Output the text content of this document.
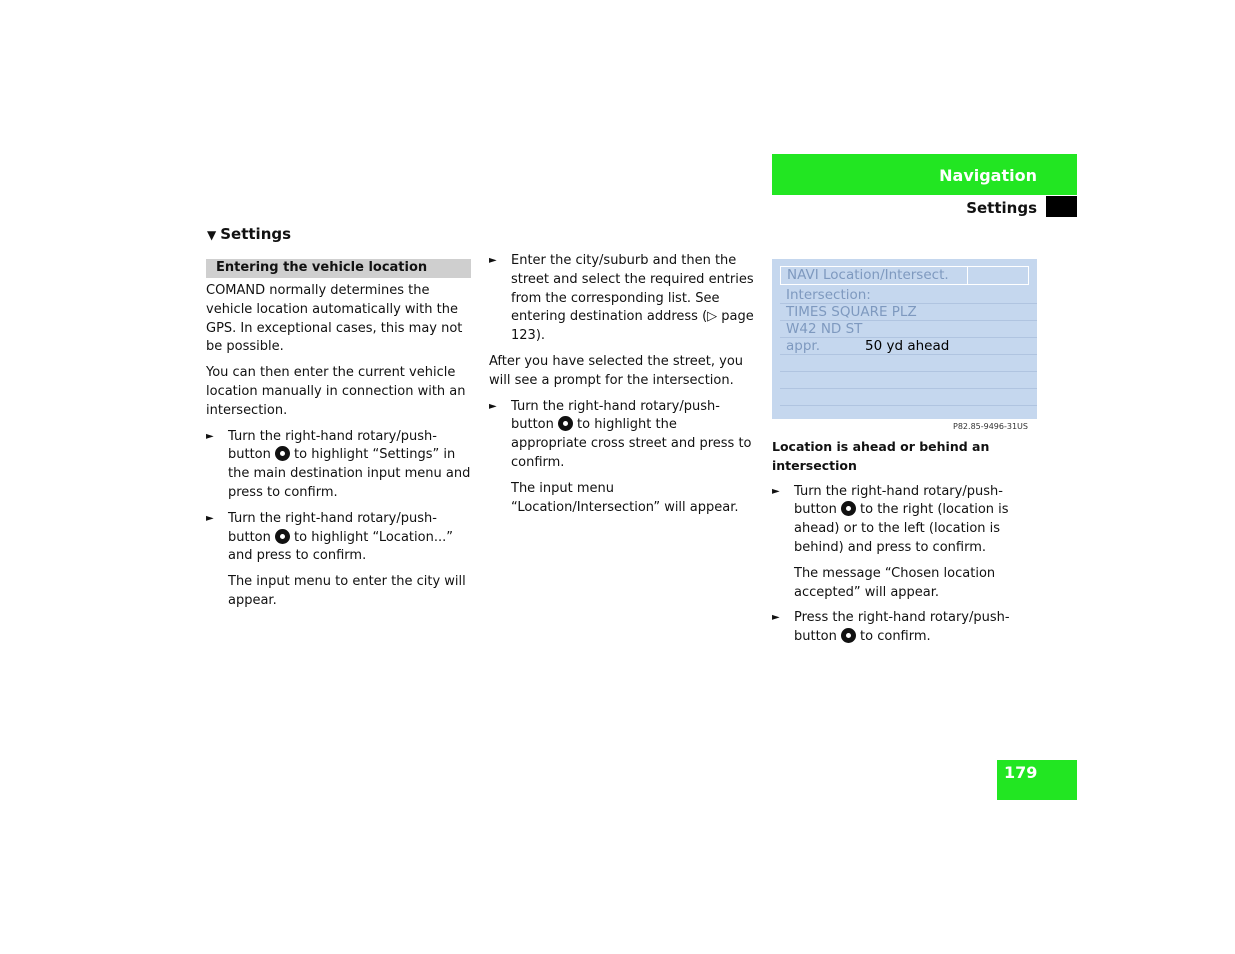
Navigation
Settings
▼ Settings
Entering the vehicle location

COMAND normally determines the vehicle location automatically with the GPS. In exceptional cases, this may not be possible.

You can then enter the current vehicle location manually in connection with an intersection.

► Turn the right-hand rotary/push-button to highlight “Settings” in the main destination input menu and press to confirm.
► Turn the right-hand rotary/push-button to highlight “Location...” and press to confirm.
The input menu to enter the city will appear.
► Enter the city/suburb and then the street and select the required entries from the corresponding list. See entering destination address (▷ page 123).

After you have selected the street, you will see a prompt for the intersection.

► Turn the right-hand rotary/push-button to highlight the appropriate cross street and press to confirm.
The input menu “Location/Intersection” will appear.
NAVI Location/Intersect.
Intersection:
TIMES SQUARE PLZ
W42 ND ST
appr.	50 yd ahead
P82.85-9496-31US
Location is ahead or behind an intersection
► Turn the right-hand rotary/push-button to the right (location is ahead) or to the left (location is behind) and press to confirm.
The message “Chosen location accepted” will appear.
► Press the right-hand rotary/push-button to confirm.
179
